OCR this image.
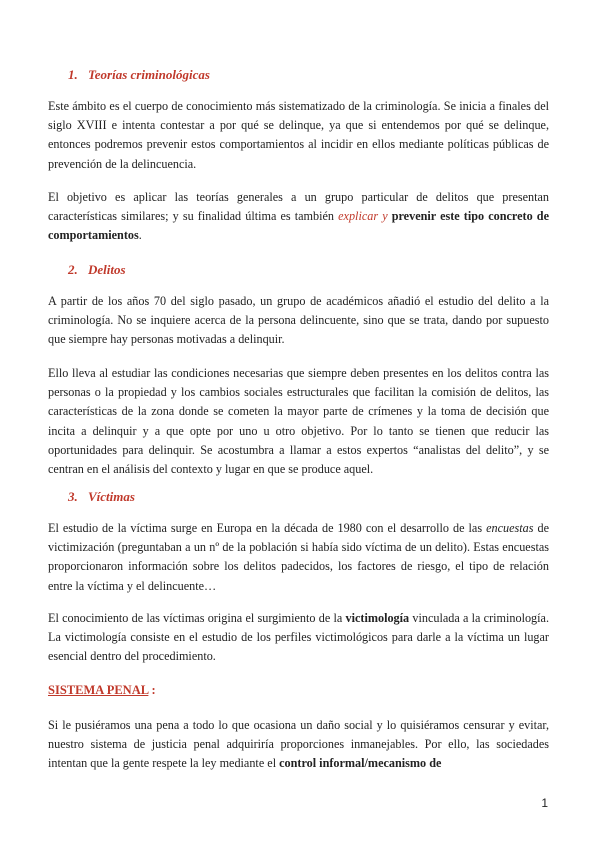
1. Teorías criminológicas

Este ámbito es el cuerpo de conocimiento más sistematizado de la criminología. Se inicia a finales del siglo XVIII e intenta contestar a por qué se delinque, ya que si entendemos por qué se delinque, entonces podremos prevenir estos comportamientos al incidir en ellos mediante políticas públicas de prevención de la delincuencia.

El objetivo es aplicar las teorías generales a un grupo particular de delitos que presentan características similares; y su finalidad última es también explicar y prevenir este tipo concreto de comportamientos.

2. Delitos

A partir de los años 70 del siglo pasado, un grupo de académicos añadió el estudio del delito a la criminología. No se inquiere acerca de la persona delincuente, sino que se trata, dando por supuesto que siempre hay personas motivadas a delinquir.

Ello lleva al estudiar las condiciones necesarias que siempre deben presentes en los delitos contra las personas o la propiedad y los cambios sociales estructurales que facilitan la comisión de delitos, las características de la zona donde se cometen la mayor parte de crímenes y la toma de decisión que incita a delinquir y a que opte por uno u otro objetivo. Por lo tanto se tienen que reducir las oportunidades para delinquir. Se acostumbra a llamar a estos expertos “analistas del delito”, y se centran en el análisis del contexto y lugar en que se produce aquel.

3. Víctimas

El estudio de la víctima surge en Europa en la década de 1980 con el desarrollo de las encuestas de victimización (preguntaban a un nº de la población si había sido víctima de un delito). Estas encuestas proporcionaron información sobre los delitos padecidos, los factores de riesgo, el tipo de relación entre la víctima y el delincuente…

El conocimiento de las víctimas origina el surgimiento de la victimología vinculada a la criminología. La victimología consiste en el estudio de los perfiles victimológicos para darle a la víctima un lugar esencial dentro del procedimiento.

SISTEMA PENAL :

Si le pusiéramos una pena a todo lo que ocasiona un daño social y lo quisiéramos censurar y evitar, nuestro sistema de justicia penal adquiriría proporciones inmanejables. Por ello, las sociedades intentan que la gente respete la ley mediante el control informal/mecanismo de

1
